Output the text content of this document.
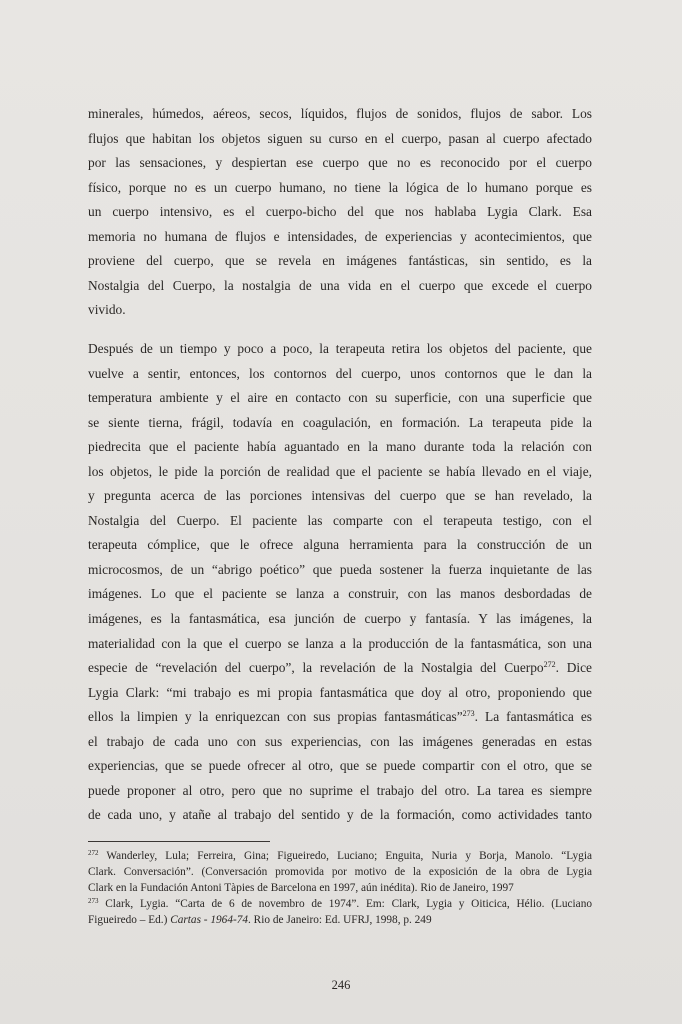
minerales, húmedos, aéreos, secos, líquidos, flujos de sonidos, flujos de sabor. Los
flujos que habitan los objetos siguen su curso en el cuerpo, pasan al cuerpo afectado
por las sensaciones, y despiertan ese cuerpo que no es reconocido por el cuerpo
físico, porque no es un cuerpo humano, no tiene la lógica de lo humano porque es
un cuerpo intensivo, es el cuerpo-bicho del que nos hablaba Lygia Clark. Esa
memoria no humana de flujos e intensidades, de experiencias y acontecimientos, que
proviene del cuerpo, que se revela en imágenes fantásticas, sin sentido, es la
Nostalgia del Cuerpo, la nostalgia de una vida en el cuerpo que excede el cuerpo
vivido.
Después de un tiempo y poco a poco, la terapeuta retira los objetos del paciente, que
vuelve a sentir, entonces, los contornos del cuerpo, unos contornos que le dan la
temperatura ambiente y el aire en contacto con su superficie, con una superficie que
se siente tierna, frágil, todavía en coagulación, en formación. La terapeuta pide la
piedrecita que el paciente había aguantado en la mano durante toda la relación con
los objetos, le pide la porción de realidad que el paciente se había llevado en el viaje,
y pregunta acerca de las porciones intensivas del cuerpo que se han revelado, la
Nostalgia del Cuerpo. El paciente las comparte con el terapeuta testigo, con el
terapeuta cómplice, que le ofrece alguna herramienta para la construcción de un
microcosmos, de un “abrigo poético” que pueda sostener la fuerza inquietante de las
imágenes. Lo que el paciente se lanza a construir, con las manos desbordadas de
imágenes, es la fantasmática, esa junción de cuerpo y fantasía. Y las imágenes, la
materialidad con la que el cuerpo se lanza a la producción de la fantasmática, son una
especie de “revelación del cuerpo”, la revelación de la Nostalgia del Cuerpo$^{272}$. Dice
Lygia Clark: “mi trabajo es mi propia fantasmática que doy al otro, proponiendo que
ellos la limpien y la enriquezcan con sus propias fantasmáticas”$^{273}$. La fantasmática es
el trabajo de cada uno con sus experiencias, con las imágenes generadas en estas
experiencias, que se puede ofrecer al otro, que se puede compartir con el otro, que se
puede proponer al otro, pero que no suprime el trabajo del otro. La tarea es siempre
de cada uno, y atañe al trabajo del sentido y de la formación, como actividades tanto
$^{272}$ Wanderley, Lula; Ferreira, Gina; Figueiredo, Luciano; Enguita, Nuria y Borja, Manolo. “Lygia
Clark. Conversación”. (Conversación promovida por motivo de la exposición de la obra de Lygia
Clark en la Fundación Antoni Tàpies de Barcelona en 1997, aún inédita). Rio de Janeiro, 1997
$^{273}$ Clark, Lygia. “Carta de 6 de novembro de 1974”. Em: Clark, Lygia y Oiticica, Hélio. (Luciano
Figueiredo – Ed.) Cartas - 1964-74. Rio de Janeiro: Ed. UFRJ, 1998, p. 249
246
